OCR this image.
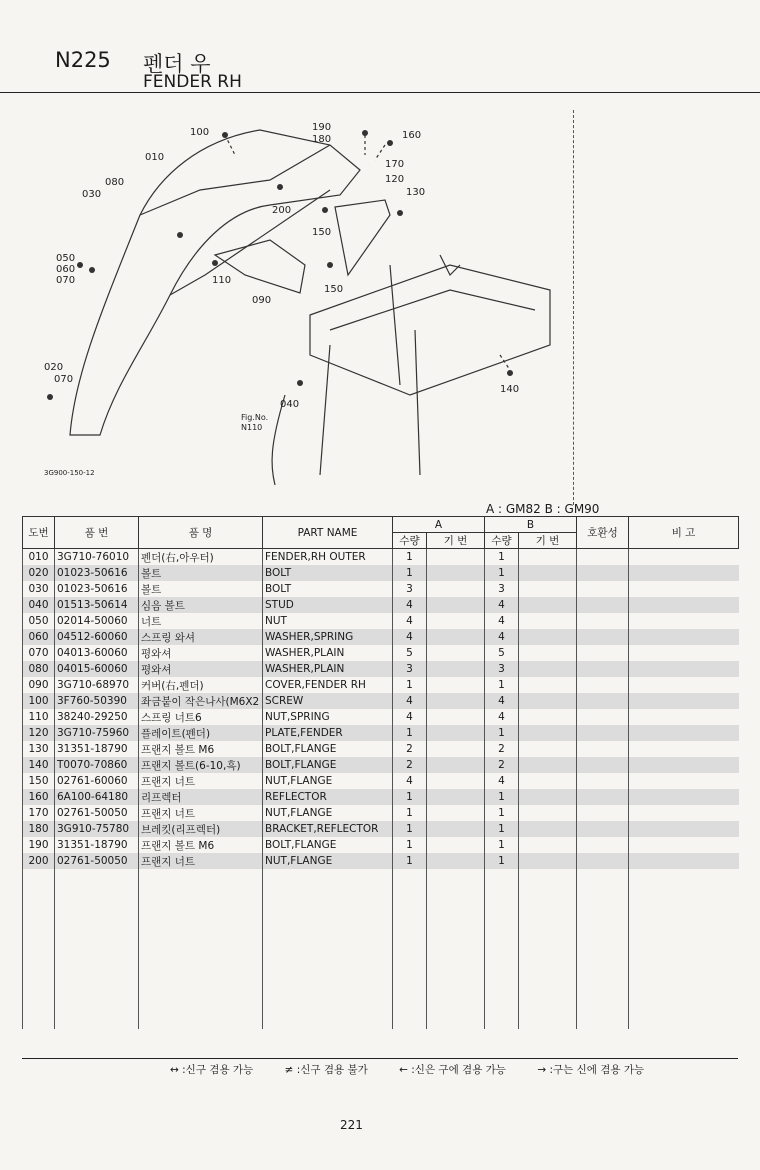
N225 펜더 우
FENDER RH
100	190
180	160
170
120
130
010
080
030
200
150
050
060
070	110
150
090
020
070
140
040
Fig.No.
N110
3G900-150-12
A : GM82 B : GM90
도번	품 번	품 명	PART NAME	A		B		호환성	비 고
				수량	기 번	수량	기 번		
010	3G710-76010	펜더(右,아우터)	FENDER,RH OUTER	1		1			
020	01023-50616	볼트	BOLT	1		1			
030	01023-50616	볼트	BOLT	3		3			
040	01513-50614	심음 볼트	STUD	4		4			
050	02014-50060	너트	NUT	4		4			
060	04512-60060	스프링 와셔	WASHER,SPRING	4		4			
070	04013-60060	평와셔	WASHER,PLAIN	5		5			
080	04015-60060	평와셔	WASHER,PLAIN	3		3			
090	3G710-68970	커버(右,펜더)	COVER,FENDER RH	1		1			
100	3F760-50390	좌금붙이 작은나사(M6X2	SCREW	4		4			
110	38240-29250	스프링 너트6	NUT,SPRING	4		4			
120	3G710-75960	플레이트(펜더)	PLATE,FENDER	1		1			
130	31351-18790	프랜지 볼트 M6	BOLT,FLANGE	2		2			
140	T0070-70860	프랜지 볼트(6-10,흑)	BOLT,FLANGE	2		2			
150	02761-60060	프랜지 너트	NUT,FLANGE	4		4			
160	6A100-64180	리프렉터	REFLECTOR	1		1			
170	02761-50050	프랜지 너트	NUT,FLANGE	1		1			
180	3G910-75780	브레킷(리프렉터)	BRACKET,REFLECTOR	1		1			
190	31351-18790	프랜지 볼트 M6	BOLT,FLANGE	1		1			
200	02761-50050	프랜지 너트	NUT,FLANGE	1		1			

↔ :신구 겸용 가능	≠ :신구 겸용 불가	← :신은 구에 겸용 가능	→ :구는 신에 겸용 가능
221
